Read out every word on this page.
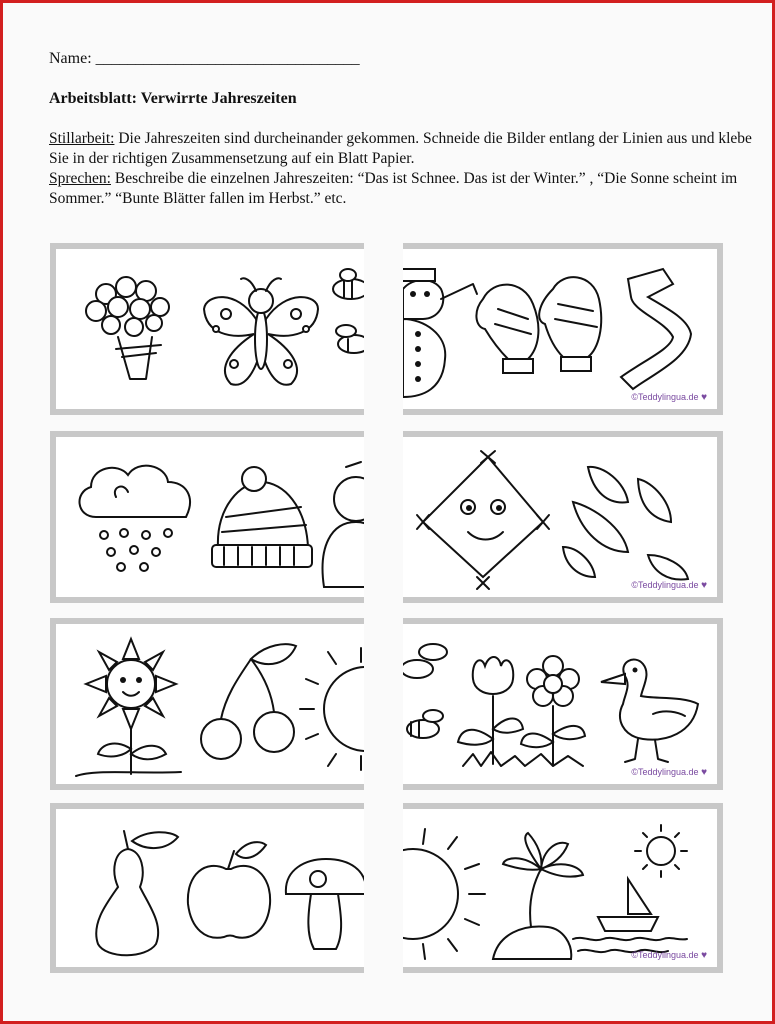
Name: _________________________________
Arbeitsblatt: Verwirrte Jahreszeiten
Stillarbeit: Die Jahreszeiten sind durcheinander gekommen. Schneide die Bilder entlang der Linien aus und klebe Sie in der richtigen Zusammensetzung auf ein Blatt Papier.
Sprechen: Beschreibe die einzelnen Jahreszeiten: “Das ist Schnee. Das ist der Winter.” , “Die Sonne scheint im Sommer.” “Bunte Blätter fallen im Herbst.” etc.
©Teddylingua.de ♥
©Teddylingua.de ♥
©Teddylingua.de ♥
©Teddylingua.de ♥
